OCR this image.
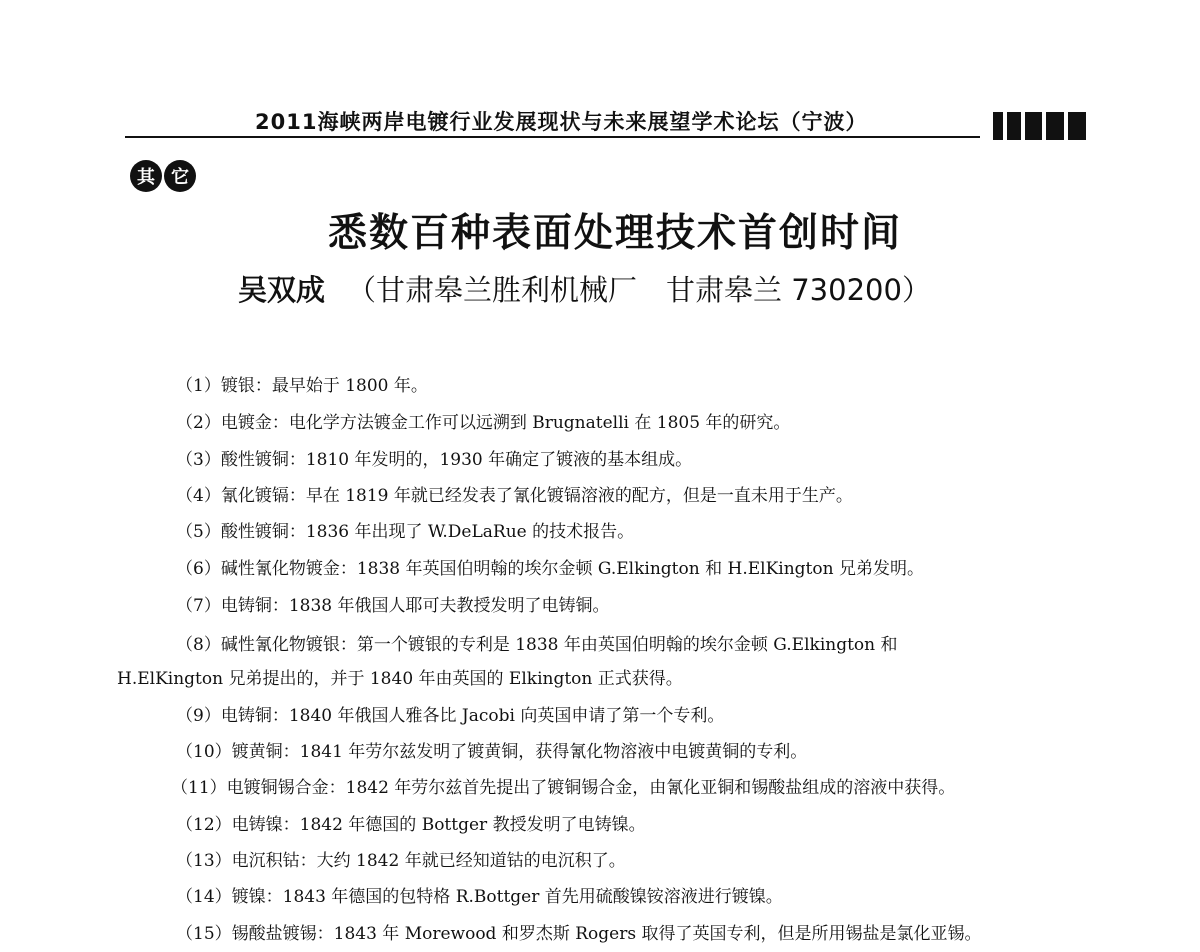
2011海峡两岸电镀行业发展现状与未来展望学术论坛（宁波）
其 它
悉数百种表面处理技术首创时间
吴双成 （甘肃皋兰胜利机械厂　甘肃皋兰 730200）
（1）镀银：最早始于 1800 年。
（2）电镀金：电化学方法镀金工作可以远溯到 Brugnatelli 在 1805 年的研究。
（3）酸性镀铜：1810 年发明的，1930 年确定了镀液的基本组成。
（4）氰化镀镉：早在 1819 年就已经发表了氰化镀镉溶液的配方，但是一直未用于生产。
（5）酸性镀铜：1836 年出现了 W.DeLaRue 的技术报告。
（6）碱性氰化物镀金：1838 年英国伯明翰的埃尔金顿 G.Elkington 和 H.ElKington 兄弟发明。
（7）电铸铜：1838 年俄国人耶可夫教授发明了电铸铜。
（8）碱性氰化物镀银：第一个镀银的专利是 1838 年由英国伯明翰的埃尔金顿 G.Elkington 和
H.ElKington 兄弟提出的，并于 1840 年由英国的 Elkington 正式获得。
（9）电铸铜：1840 年俄国人雅各比 Jacobi 向英国申请了第一个专利。
（10）镀黄铜：1841 年劳尔兹发明了镀黄铜，获得氰化物溶液中电镀黄铜的专利。
（11）电镀铜锡合金：1842 年劳尔兹首先提出了镀铜锡合金，由氰化亚铜和锡酸盐组成的溶液中获得。
（12）电铸镍：1842 年德国的 Bottger 教授发明了电铸镍。
（13）电沉积钴：大约 1842 年就已经知道钴的电沉积了。
（14）镀镍：1843 年德国的包特格 R.Bottger 首先用硫酸镍铵溶液进行镀镍。
（15）锡酸盐镀锡：1843 年 Morewood 和罗杰斯 Rogers 取得了英国专利，但是所用锡盐是氯化亚锡。
